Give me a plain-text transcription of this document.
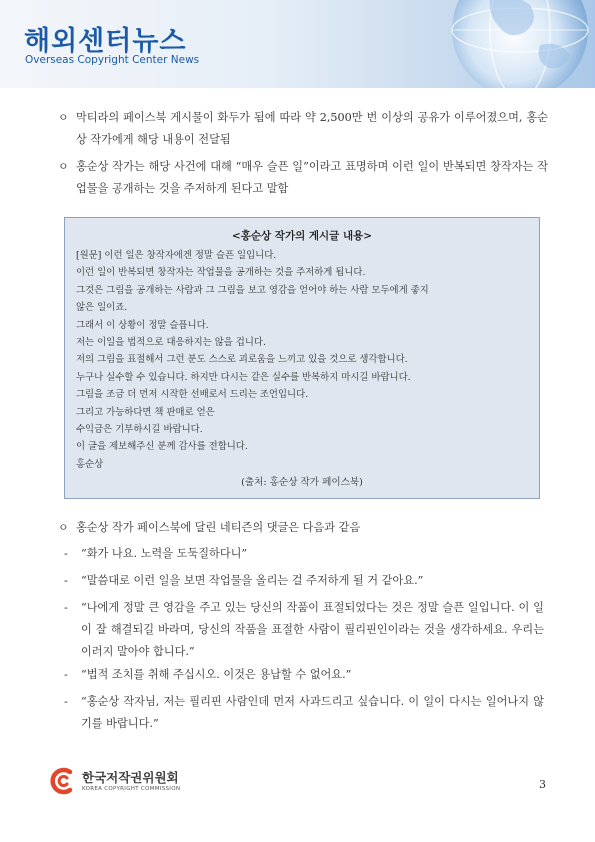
해외센터뉴스
Overseas Copyright Center News
ㅇ 막티라의 페이스북 게시물이 화두가 됨에 따라 약 2,500만 번 이상의 공유가 이루어졌으며, 홍순상 작가에게 해당 내용이 전달됨
ㅇ 홍순상 작가는 해당 사건에 대해 “매우 슬픈 일”이라고 표명하며 이런 일이 반복되면 창작자는 작업물을 공개하는 것을 주저하게 된다고 말함
<홍순상 작가의 게시글 내용>
[원문] 이런 일은 창작자에겐 정말 슬픈 일입니다.
이런 일이 반복되면 창작자는 작업물을 공개하는 것을 주저하게 됩니다.
그것은 그림을 공개하는 사람과 그 그림을 보고 영감을 얻어야 하는 사람 모두에게 좋지
않은 일이죠.
그래서 이 상황이 정말 슬픕니다.
저는 이일을 법적으로 대응하지는 않을 겁니다.
저의 그림을 표절해서 그런 분도 스스로 괴로움을 느끼고 있을 것으로 생각합니다.
누구나 실수할 수 있습니다. 하지만 다시는 같은 실수를 반복하지 마시길 바랍니다.
그림을 조금 더 먼저 시작한 선배로서 드리는 조언입니다.
그리고 가능하다면 책 판매로 얻은
수익금은 기부하시길 바랍니다.
이 글을 제보해주신 분께 감사를 전합니다.
홍순상
(출처: 홍순상 작가 페이스북)
ㅇ 홍순상 작가 페이스북에 달린 네티즌의 댓글은 다음과 같음
- “화가 나요. 노력을 도둑질하다니”
- “말씀대로 이런 일을 보면 작업물을 올리는 걸 주저하게 될 거 같아요.”
- “나에게 정말 큰 영감을 주고 있는 당신의 작품이 표절되었다는 것은 정말 슬픈 일입니다. 이 일이 잘 해결되길 바라며, 당신의 작품을 표절한 사람이 필리핀인이라는 것을 생각하세요. 우리는 이러지 말아야 합니다.”
- “법적 조치를 취해 주십시오. 이것은 용납할 수 없어요.”
- “홍순상 작자님, 저는 필리핀 사람인데 먼저 사과드리고 싶습니다. 이 일이 다시는 일어나지 않기를 바랍니다.”
한국저작권위원회
KOREA COPYRIGHT COMMISSION	3
